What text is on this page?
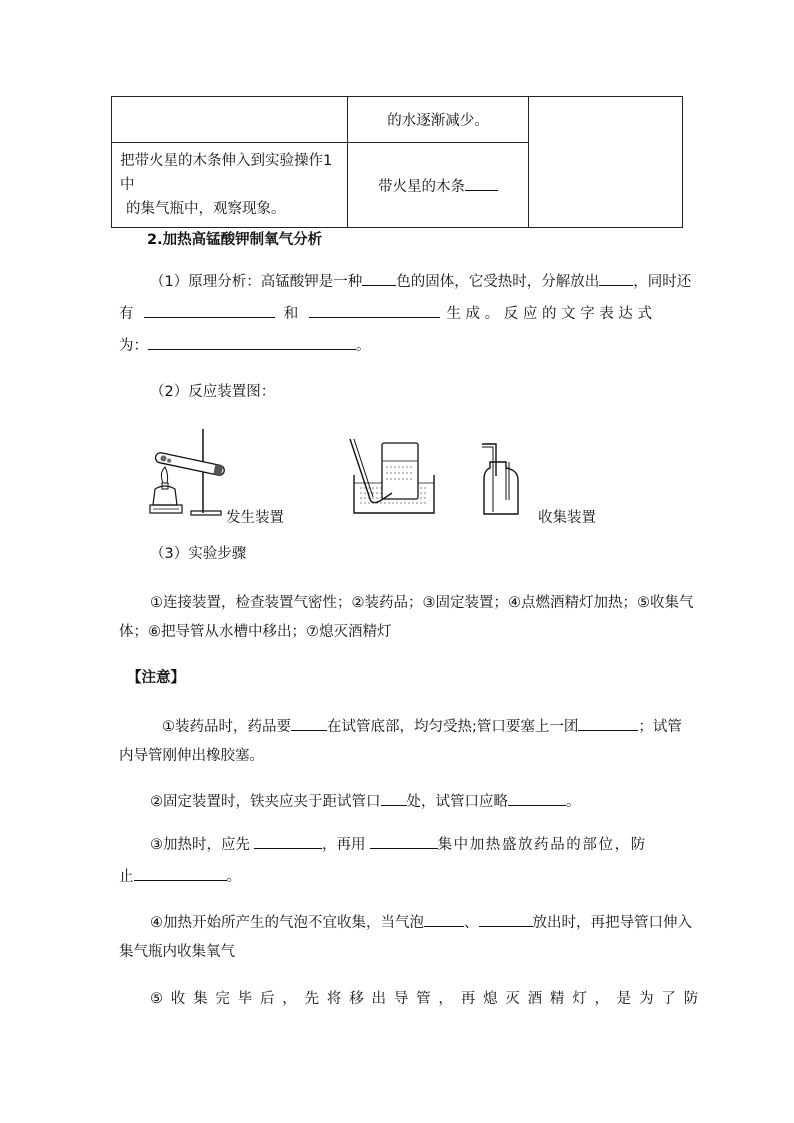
	的水逐渐减少。	

把带火星的木条伸入到实验操作1中
的集气瓶中，观察现象。	带火星的木条	
2.加热高锰酸钾制氧气分析
（1）原理分析：高锰酸钾是一种 色的固体，它受热时，分解放出 ，同时还
有	和	生 成 。 反 应 的 文 字 表 达 式
为：	。
（2）反应装置图：
发生装置	收集装置
（3）实验步骤
①连接装置，检查装置气密性；②装药品；③固定装置；④点燃酒精灯加热；⑤收集气
体；⑥把导管从水槽中移出；⑦熄灭酒精灯
【注意】
①装药品时，药品要 在试管底部，均匀受热;管口要塞上一团	；试管
内导管刚伸出橡胶塞。
②固定装置时，铁夹应夹于距试管口 处，试管口应略	。
③加热时，应先	，再用	集中加热盛放药品的部位，防
止	。
④加热开始所产生的气泡不宜收集，当气泡	、	放出时，再把导管口伸入
集气瓶内收集氧气
⑤收集完毕后，先将移出导管，再熄灭酒精灯，是为了防
